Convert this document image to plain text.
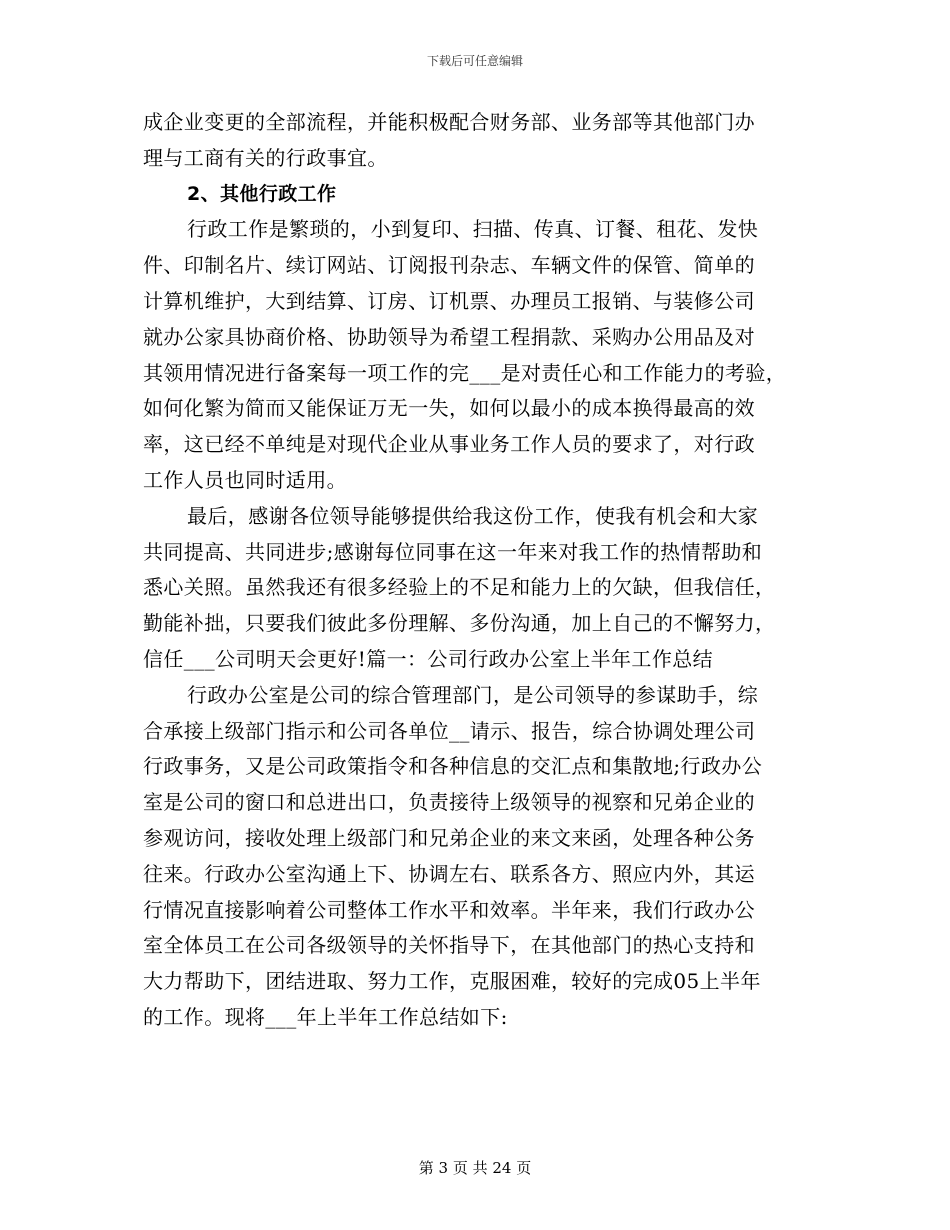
下载后可任意编辑
成企业变更的全部流程，并能积极配合财务部、业务部等其他部门办
理与工商有关的行政事宜。
2、其他行政工作
行政工作是繁琐的，小到复印、扫描、传真、订餐、租花、发快
件、印制名片、续订网站、订阅报刊杂志、车辆文件的保管、简单的
计算机维护，大到结算、订房、订机票、办理员工报销、与装修公司
就办公家具协商价格、协助领导为希望工程捐款、采购办公用品及对
其领用情况进行备案每一项工作的完___是对责任心和工作能力的考验，
如何化繁为简而又能保证万无一失，如何以最小的成本换得最高的效
率，这已经不单纯是对现代企业从事业务工作人员的要求了，对行政
工作人员也同时适用。
最后，感谢各位领导能够提供给我这份工作，使我有机会和大家
共同提高、共同进步;感谢每位同事在这一年来对我工作的热情帮助和
悉心关照。虽然我还有很多经验上的不足和能力上的欠缺，但我信任，
勤能补拙，只要我们彼此多份理解、多份沟通，加上自己的不懈努力，
信任___公司明天会更好!篇一：公司行政办公室上半年工作总结
行政办公室是公司的综合管理部门，是公司领导的参谋助手，综
合承接上级部门指示和公司各单位__请示、报告，综合协调处理公司
行政事务，又是公司政策指令和各种信息的交汇点和集散地;行政办公
室是公司的窗口和总进出口，负责接待上级领导的视察和兄弟企业的
参观访问，接收处理上级部门和兄弟企业的来文来函，处理各种公务
往来。行政办公室沟通上下、协调左右、联系各方、照应内外，其运
行情况直接影响着公司整体工作水平和效率。半年来，我们行政办公
室全体员工在公司各级领导的关怀指导下，在其他部门的热心支持和
大力帮助下，团结进取、努力工作，克服困难，较好的完成05上半年
的工作。现将___年上半年工作总结如下:
第 3 页 共 24 页
